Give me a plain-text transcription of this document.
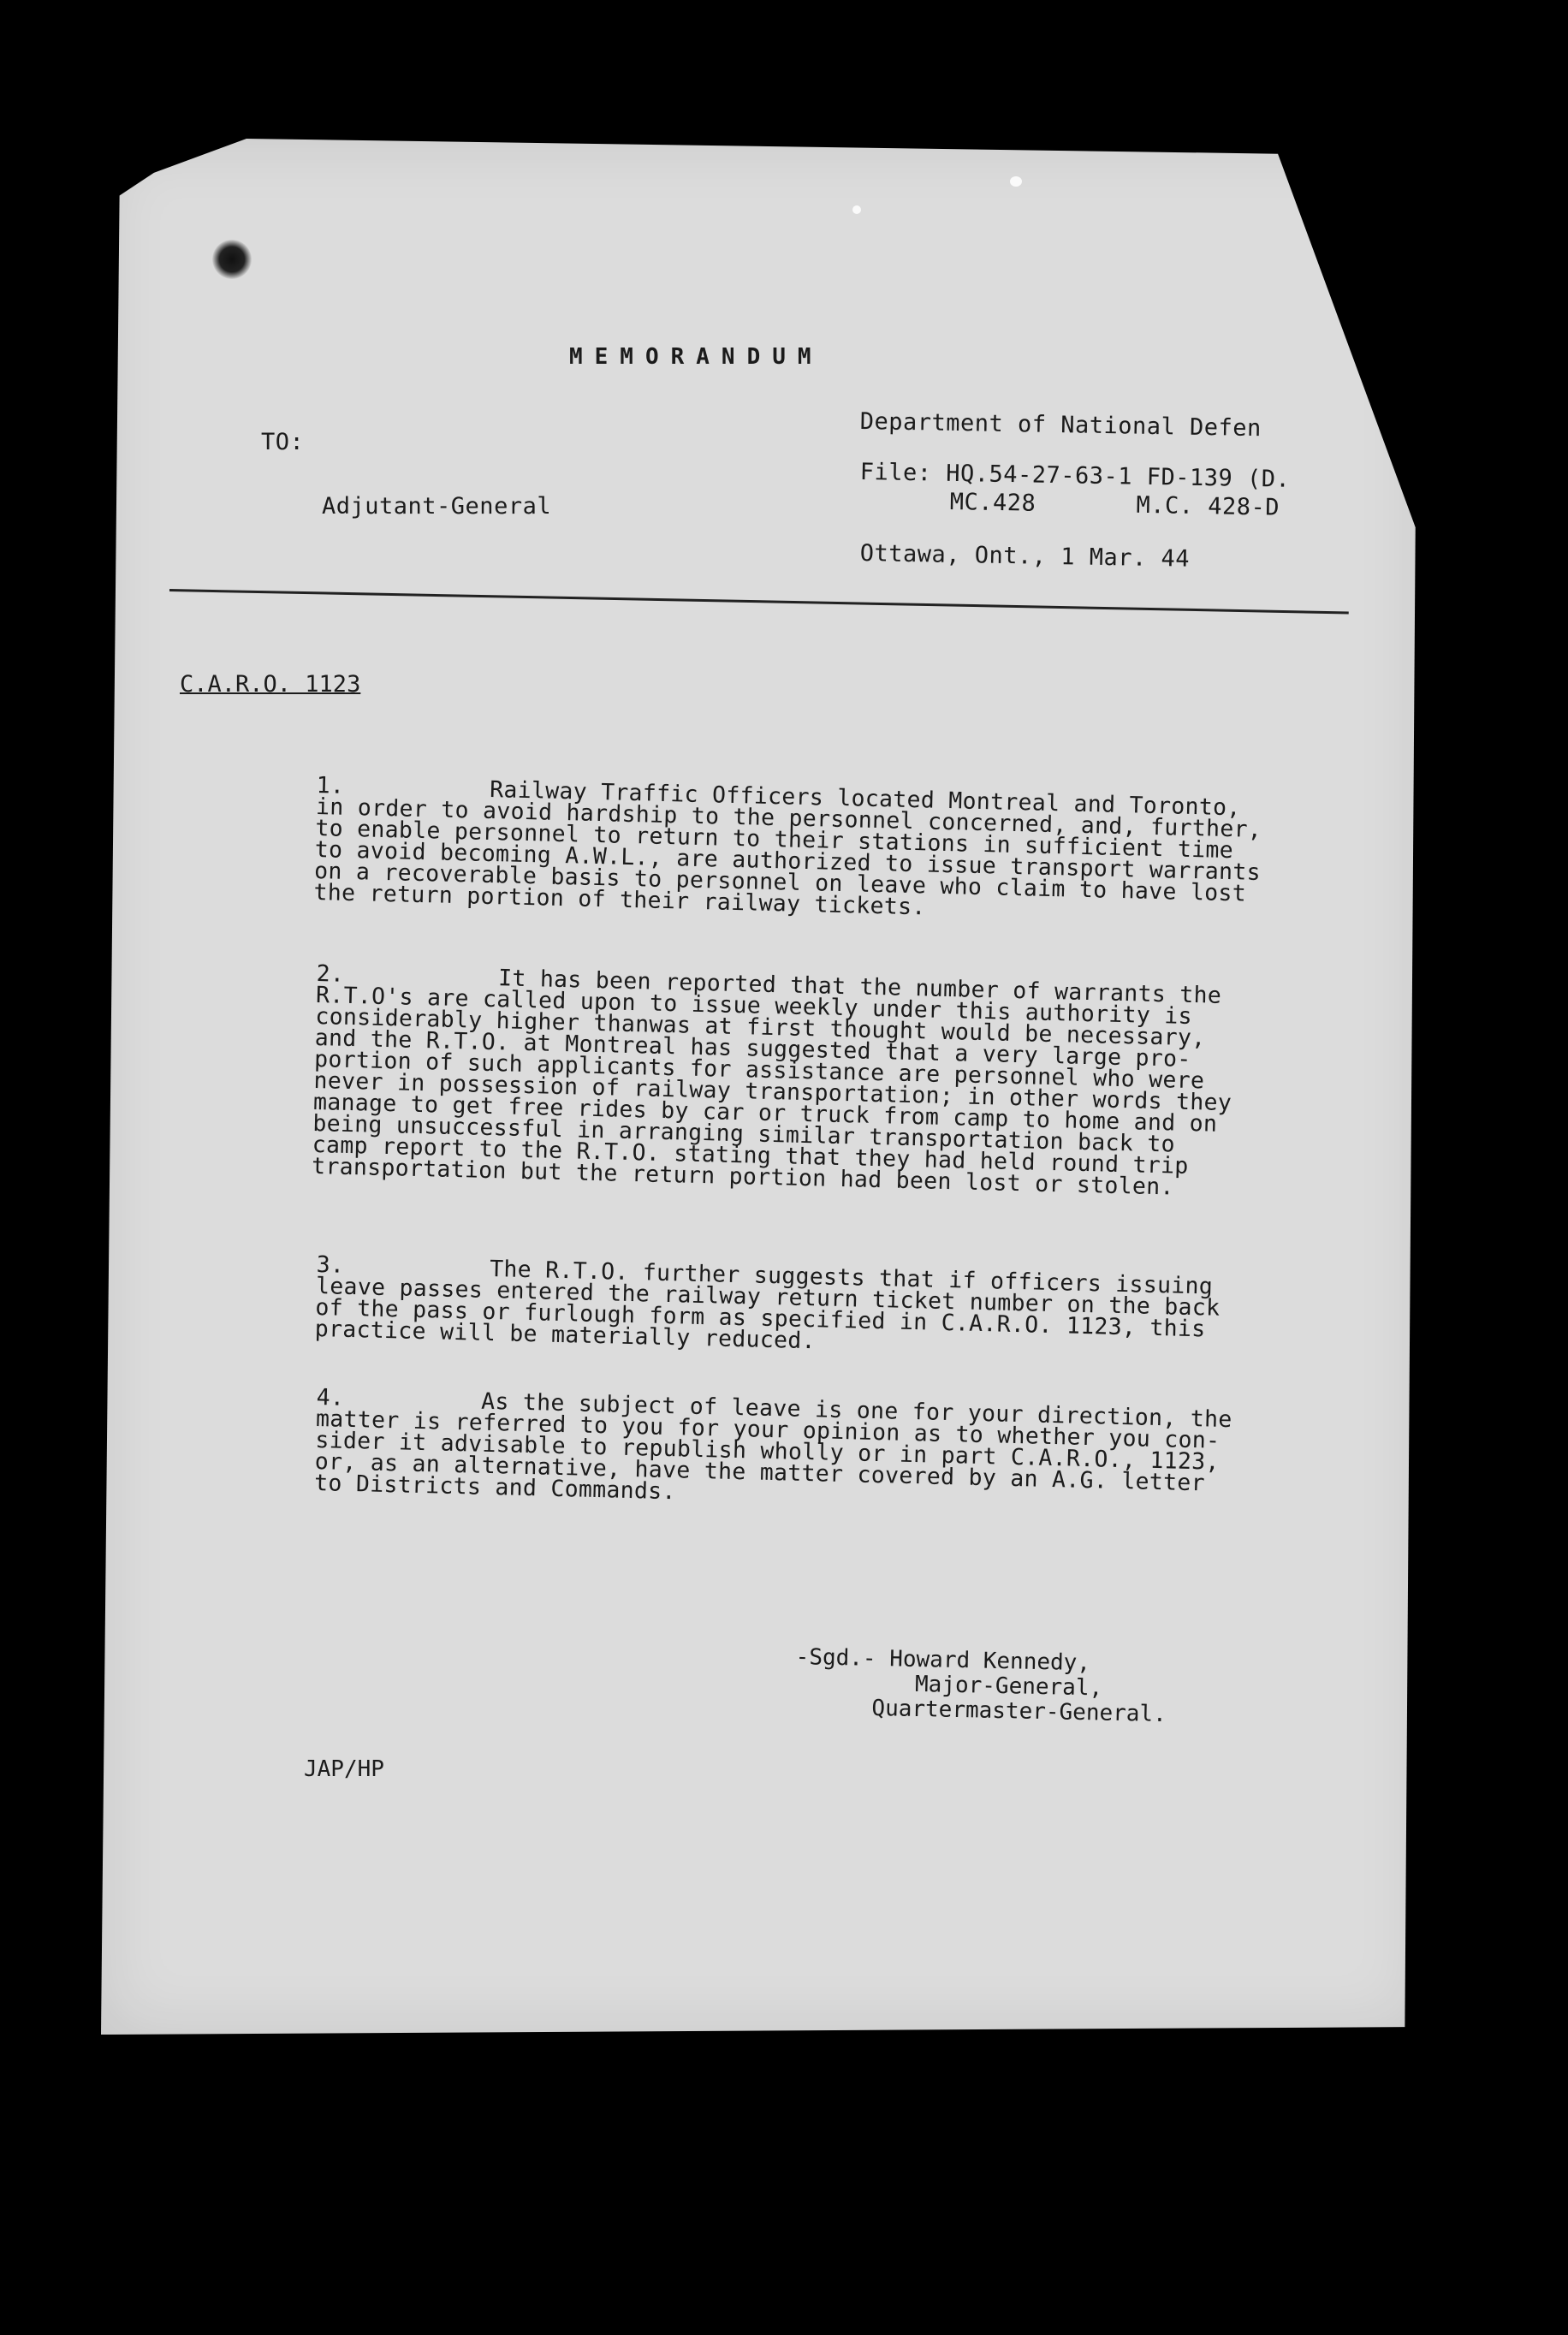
MEMORANDUM
TO:
Adjutant-General
Department of National Defen
File: HQ.54-27-63-1 FD-139 (D.
MC.428       M.C. 428-D
Ottawa, Ont., 1 Mar. 44
C.A.R.O. 1123
1.	Railway Traffic Officers located Montreal and Toronto,
in order to avoid hardship to the personnel concerned, and, further,
to enable personnel to return to their stations in sufficient time
to avoid becoming A.W.L., are authorized to issue transport warrants
on a recoverable basis to personnel on leave who claim to have lost
the return portion of their railway tickets.
2.	It has been reported that the number of warrants the
R.T.O's are called upon to issue weekly under this authority is
considerably higher thanwas at first thought would be necessary,
and the R.T.O. at Montreal has suggested that a very large pro-
portion of such applicants for assistance are personnel who were
never in possession of railway transportation; in other words they
manage to get free rides by car or truck from camp to home and on
being unsuccessful in arranging similar transportation back to
camp report to the R.T.O. stating that they had held round trip
transportation but the return portion had been lost or stolen.
3.	The R.T.O. further suggests that if officers issuing
leave passes entered the railway return ticket number on the back
of the pass or furlough form as specified in C.A.R.O. 1123, this
practice will be materially reduced.
4.	As the subject of leave is one for your direction, the
matter is referred to you for your opinion as to whether you con-
sider it advisable to republish wholly or in part C.A.R.O., 1123,
or, as an alternative, have the matter covered by an A.G. letter
to Districts and Commands.
-Sgd.- Howard Kennedy,
Major-General,
Quartermaster-General.
JAP/HP
